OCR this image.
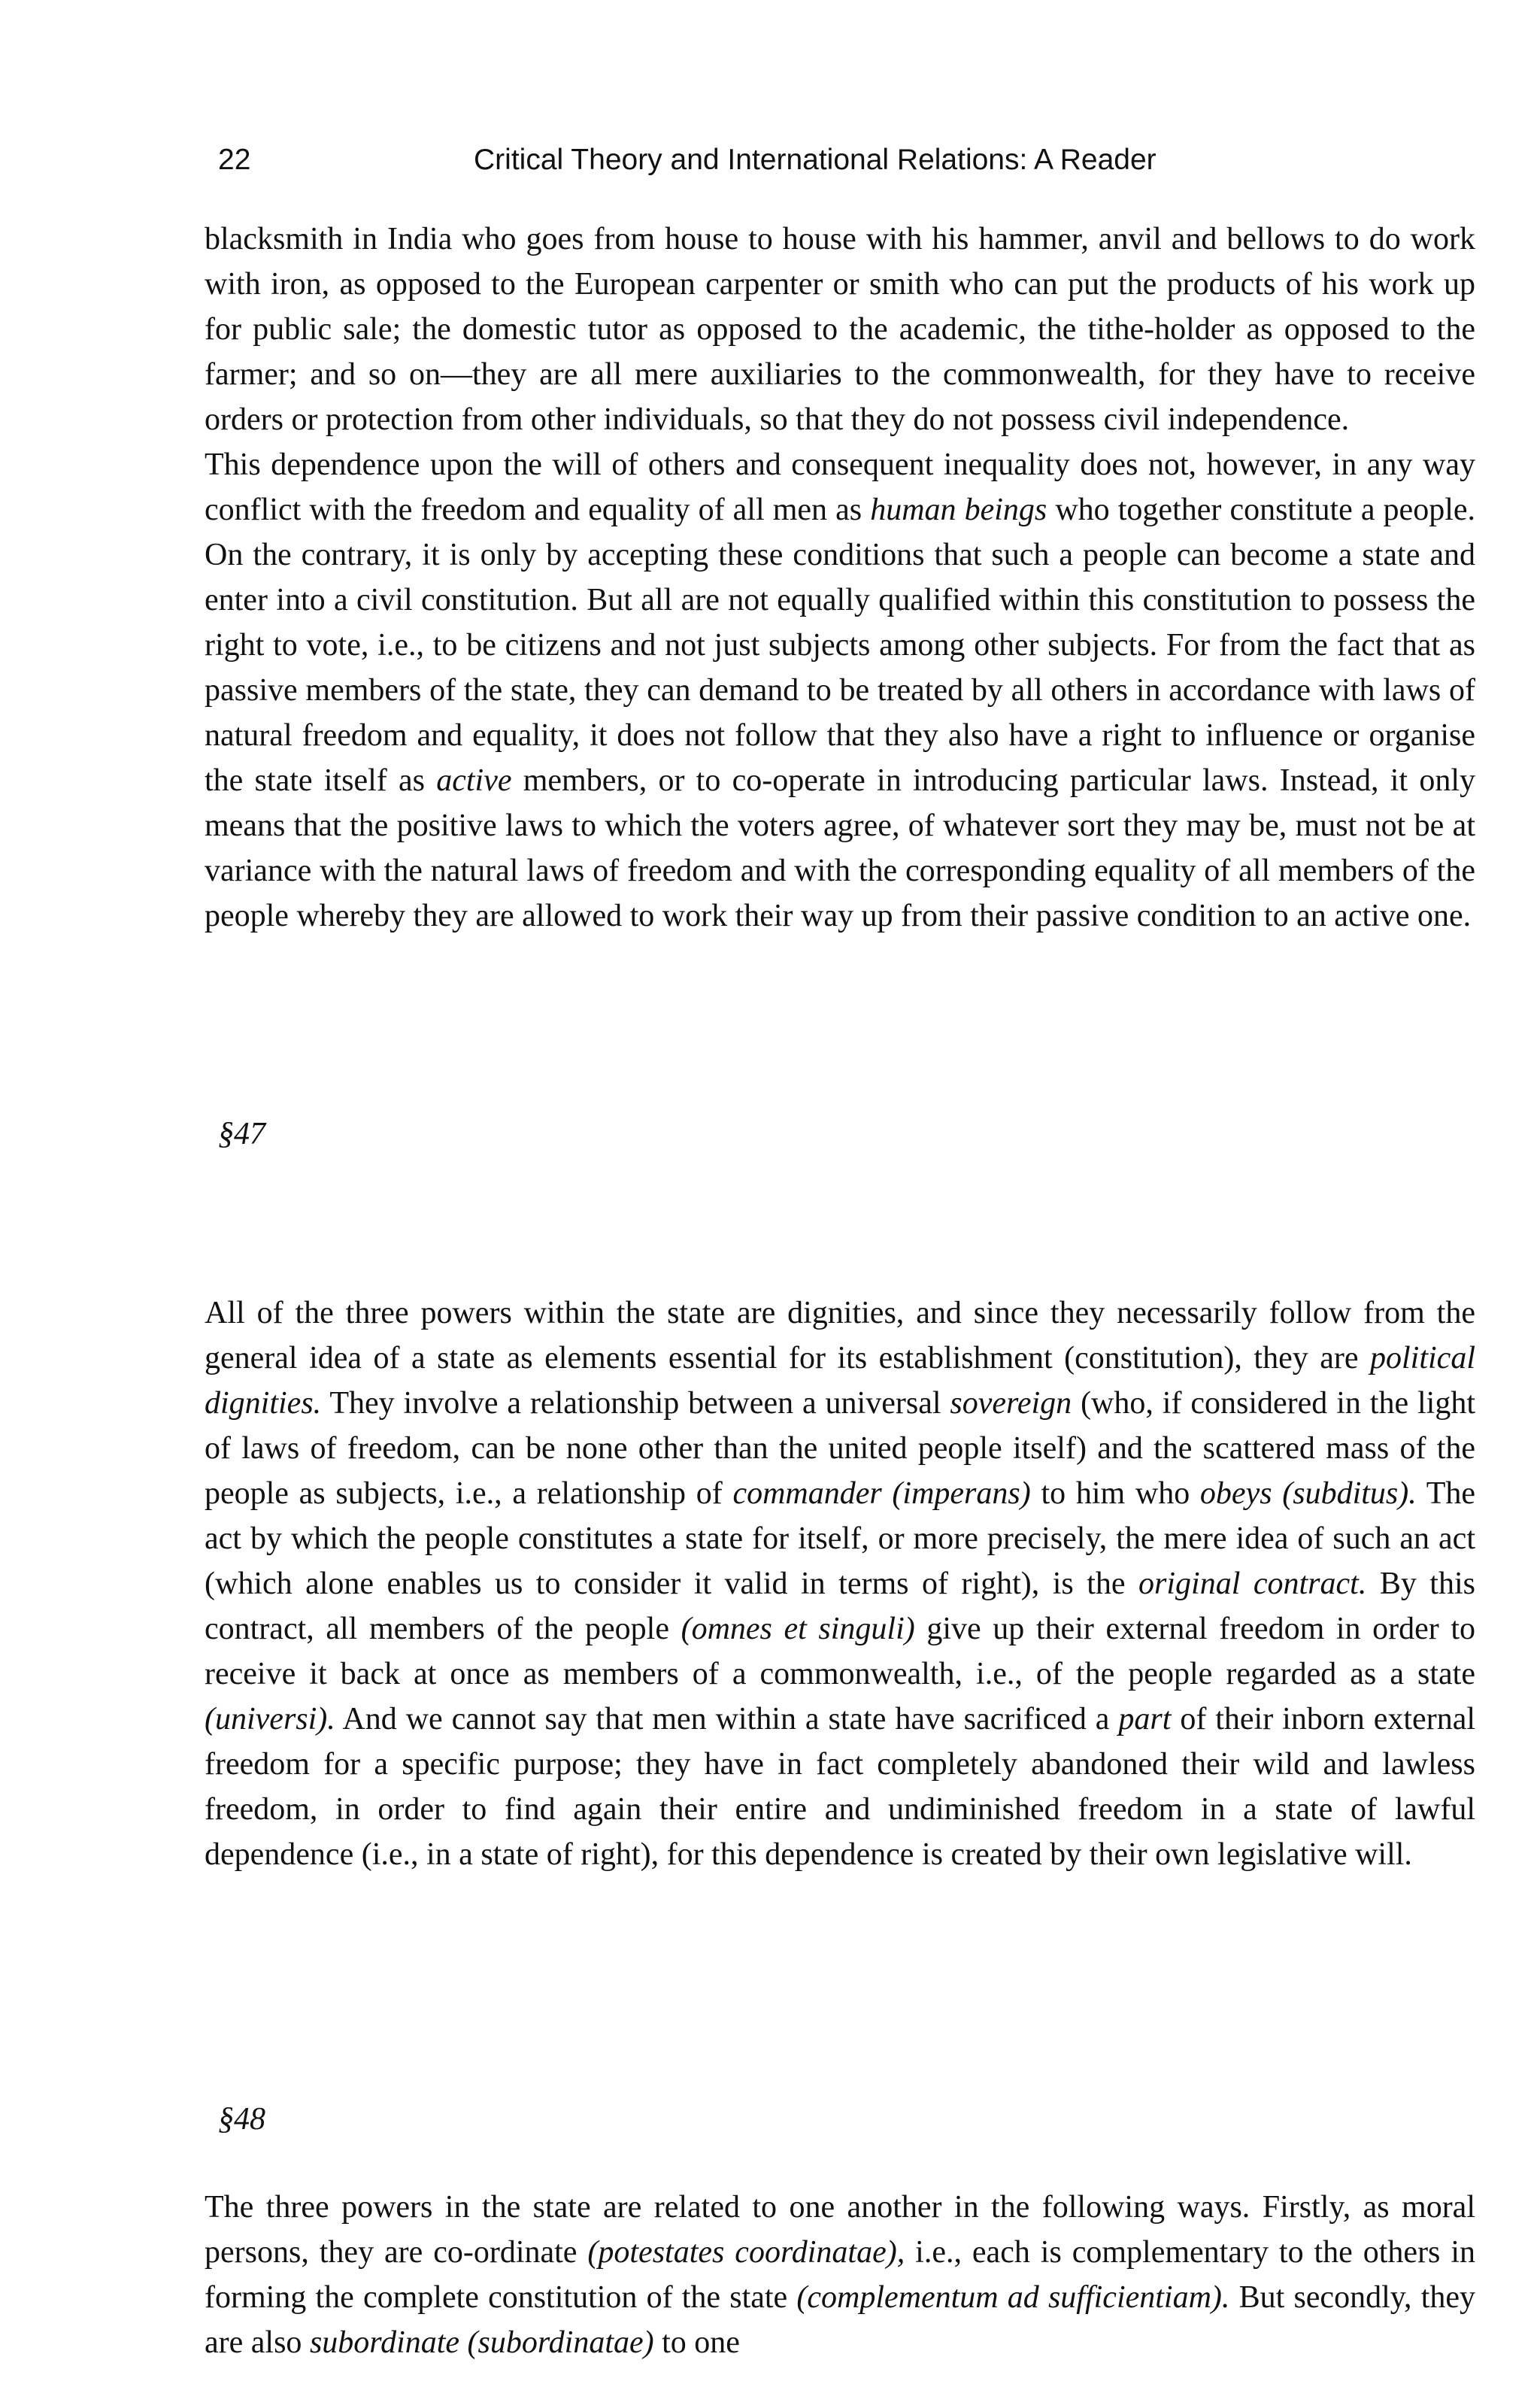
22	Critical Theory and International Relations: A Reader

blacksmith in India who goes from house to house with his hammer, anvil and bellows to do work with iron, as opposed to the European carpenter or smith who can put the products of his work up for public sale; the domestic tutor as opposed to the academic, the tithe-holder as opposed to the farmer; and so on—they are all mere auxiliaries to the commonwealth, for they have to receive orders or protection from other individuals, so that they do not possess civil independence.

This dependence upon the will of others and consequent inequality does not, however, in any way conflict with the freedom and equality of all men as human beings who together constitute a people. On the contrary, it is only by accepting these conditions that such a people can become a state and enter into a civil constitution. But all are not equally qualified within this constitution to possess the right to vote, i.e., to be citizens and not just subjects among other subjects. For from the fact that as passive members of the state, they can demand to be treated by all others in accordance with laws of natural freedom and equality, it does not follow that they also have a right to influence or organise the state itself as active members, or to co-operate in introducing particular laws. Instead, it only means that the positive laws to which the voters agree, of whatever sort they may be, must not be at variance with the natural laws of freedom and with the corresponding equality of all members of the people whereby they are allowed to work their way up from their passive condition to an active one.

§47

All of the three powers within the state are dignities, and since they necessarily follow from the general idea of a state as elements essential for its establishment (constitution), they are political dignities. They involve a relationship between a universal sovereign (who, if considered in the light of laws of freedom, can be none other than the united people itself) and the scattered mass of the people as subjects, i.e., a relationship of commander (imperans) to him who obeys (subditus). The act by which the people constitutes a state for itself, or more precisely, the mere idea of such an act (which alone enables us to consider it valid in terms of right), is the original contract. By this contract, all members of the people (omnes et singuli) give up their external freedom in order to receive it back at once as members of a commonwealth, i.e., of the people regarded as a state (universi). And we cannot say that men within a state have sacrificed a part of their inborn external freedom for a specific purpose; they have in fact completely abandoned their wild and lawless freedom, in order to find again their entire and undiminished freedom in a state of lawful dependence (i.e., in a state of right), for this dependence is created by their own legislative will.

§48

The three powers in the state are related to one another in the following ways. Firstly, as moral persons, they are co-ordinate (potestates coordinatae), i.e., each is complementary to the others in forming the complete constitution of the state (complementum ad sufficientiam). But secondly, they are also subordinate (subordinatae) to one
